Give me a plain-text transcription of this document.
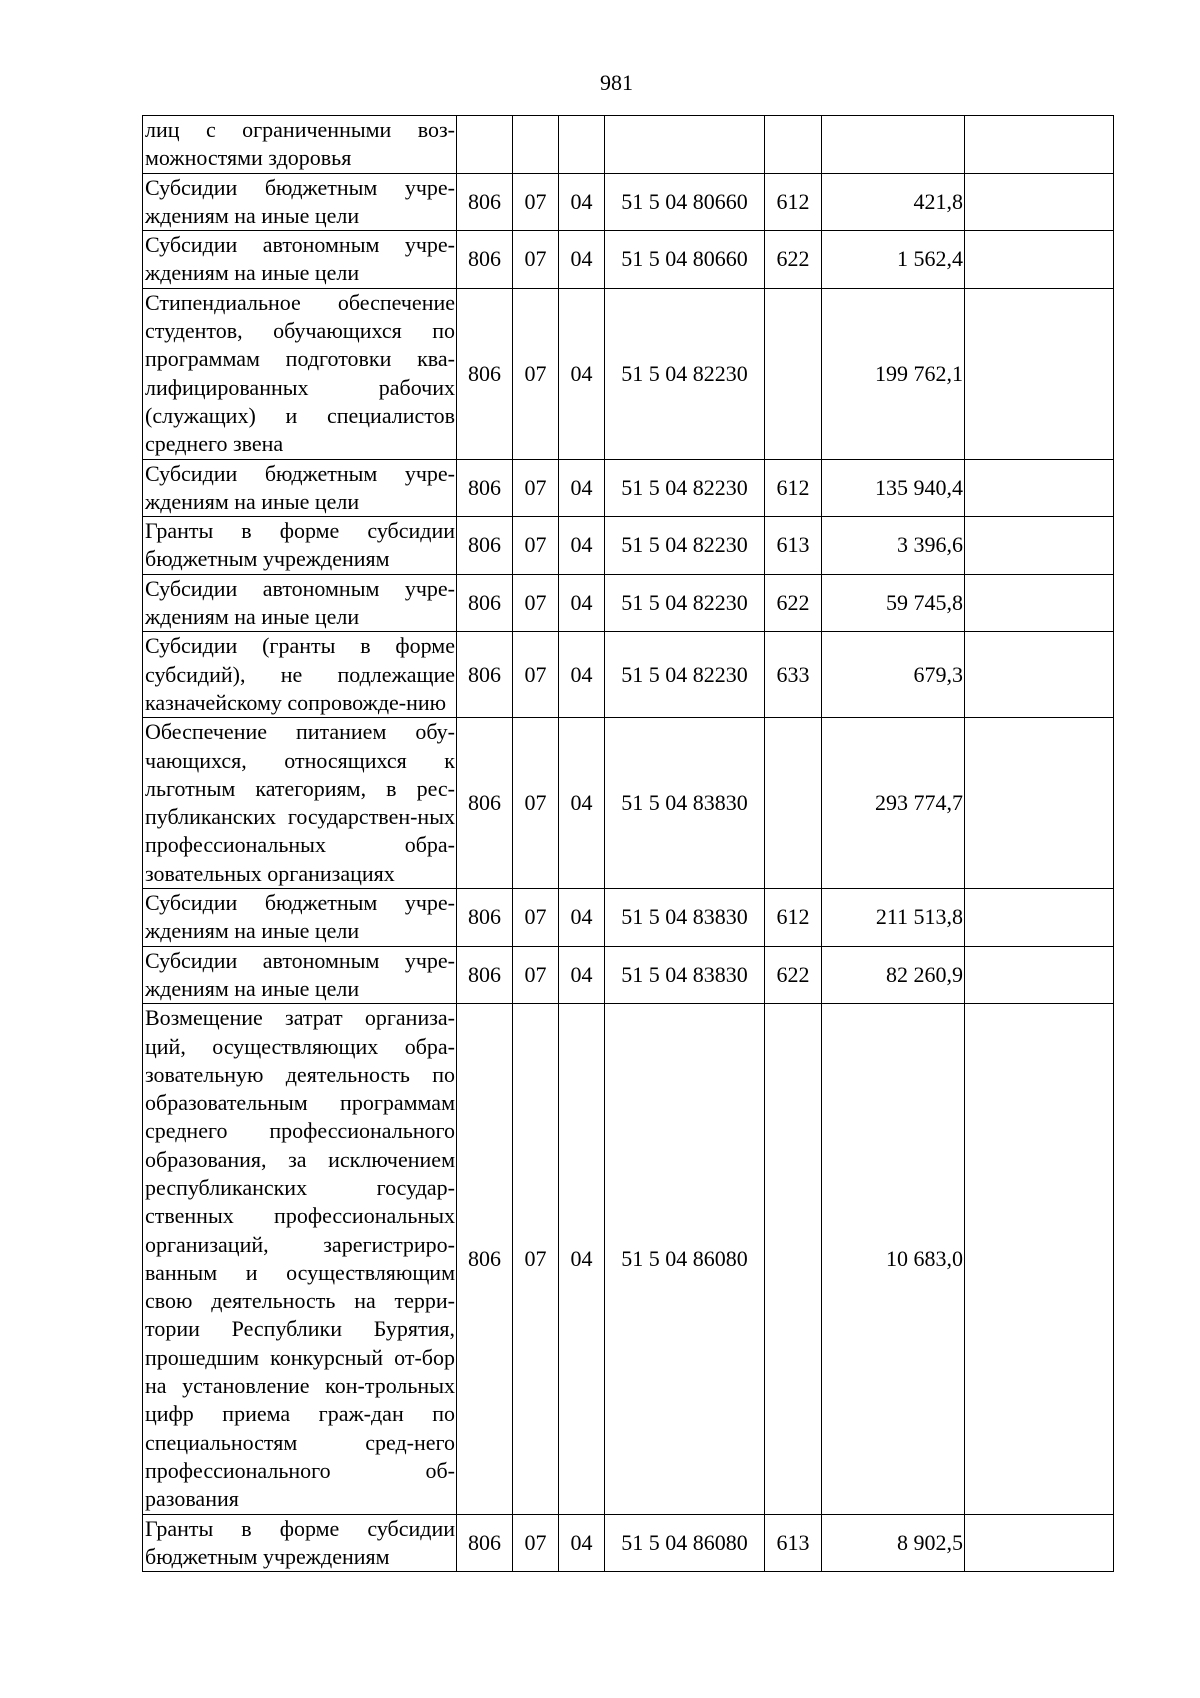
981
лиц с ограниченными воз-можностями здоровья							
Субсидии бюджетным учре-ждениям на иные цели	806	07	04	51 5 04 80660	612	421,8	
Субсидии автономным учре-ждениям на иные цели	806	07	04	51 5 04 80660	622	1 562,4	
Стипендиальное обеспечение студентов, обучающихся по программам подготовки ква-лифицированных рабочих (служащих) и специалистов среднего звена	806	07	04	51 5 04 82230		199 762,1	
Субсидии бюджетным учре-ждениям на иные цели	806	07	04	51 5 04 82230	612	135 940,4	
Гранты в форме субсидии бюджетным учреждениям	806	07	04	51 5 04 82230	613	3 396,6	
Субсидии автономным учре-ждениям на иные цели	806	07	04	51 5 04 82230	622	59 745,8	
Субсидии (гранты в форме субсидий), не подлежащие казначейскому сопровожде-нию	806	07	04	51 5 04 82230	633	679,3	
Обеспечение питанием обу-чающихся, относящихся к льготным категориям, в рес-публиканских государствен-ных профессиональных обра-зовательных организациях	806	07	04	51 5 04 83830		293 774,7	
Субсидии бюджетным учре-ждениям на иные цели	806	07	04	51 5 04 83830	612	211 513,8	
Субсидии автономным учре-ждениям на иные цели	806	07	04	51 5 04 83830	622	82 260,9	
Возмещение затрат организа-ций, осуществляющих обра-зовательную деятельность по образовательным программам среднего профессионального образования, за исключением республиканских государ-ственных профессиональных организаций, зарегистриро-ванным и осуществляющим свою деятельность на терри-тории Республики Бурятия, прошедшим конкурсный от-бор на установление кон-трольных цифр приема граж-дан по специальностям сред-него профессионального об-разования	806	07	04	51 5 04 86080		10 683,0	
Гранты в форме субсидии бюджетным учреждениям	806	07	04	51 5 04 86080	613	8 902,5	
